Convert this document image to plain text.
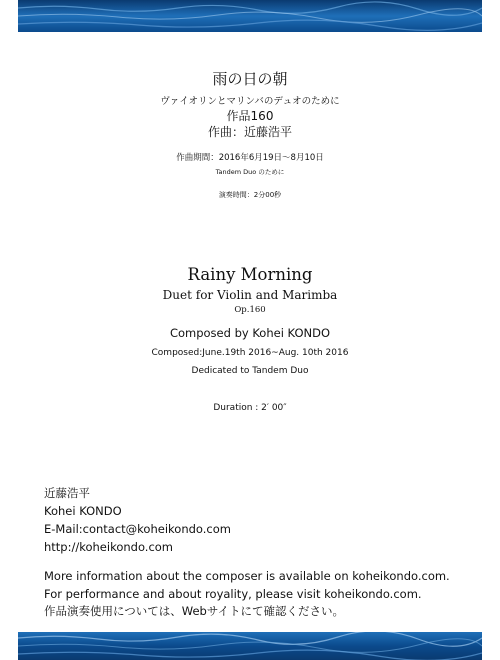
雨の日の朝
ヴァイオリンとマリンバのデュオのために
作品160
作曲：近藤浩平
作曲期間：2016年6月19日〜8月10日
Tandem Duo のために
演奏時間：2分00秒
Rainy Morning
Duet for Violin and Marimba
Op.160
Composed by Kohei KONDO
Composed:June.19th 2016~Aug. 10th 2016
Dedicated to Tandem Duo
Duration : 2′ 00″
近藤浩平
Kohei KONDO
E-Mail:contact@koheikondo.com
http://koheikondo.com
More information about the composer is available on koheikondo.com.
For performance and about royality, please visit koheikondo.com.
作品演奏使用については、Webサイトにて確認ください。
